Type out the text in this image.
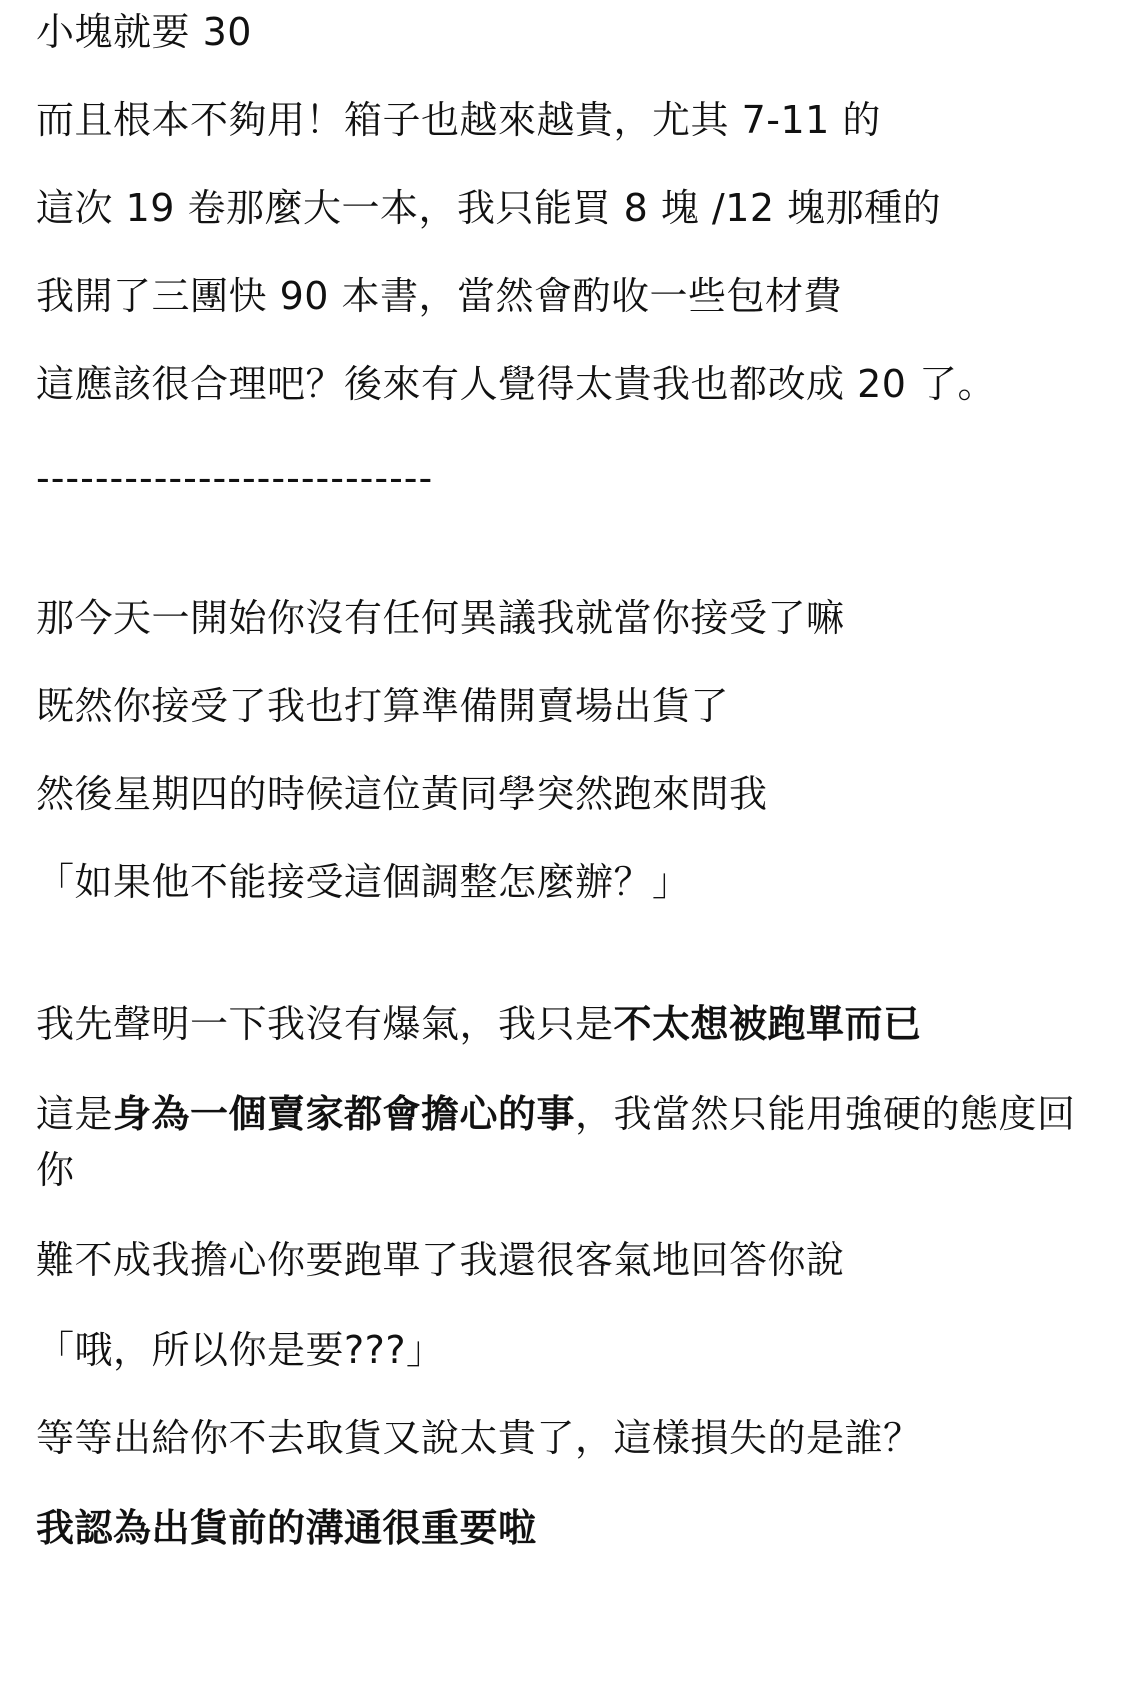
小塊就要 30
而且根本不夠用！箱子也越來越貴，尤其 7-11 的
這次 19 卷那麼大一本，我只能買 8 塊 /12 塊那種的
我開了三團快 90 本書，當然會酌收一些包材費
這應該很合理吧？後來有人覺得太貴我也都改成 20 了。
---------------------------
那今天一開始你沒有任何異議我就當你接受了嘛
既然你接受了我也打算準備開賣場出貨了
然後星期四的時候這位黃同學突然跑來問我
「如果他不能接受這個調整怎麼辦？」
我先聲明一下我沒有爆氣，我只是不太想被跑單而已
這是身為一個賣家都會擔心的事，我當然只能用強硬的態度回你
難不成我擔心你要跑單了我還很客氣地回答你說
「哦，所以你是要???」
等等出給你不去取貨又說太貴了，這樣損失的是誰？
我認為出貨前的溝通很重要啦
